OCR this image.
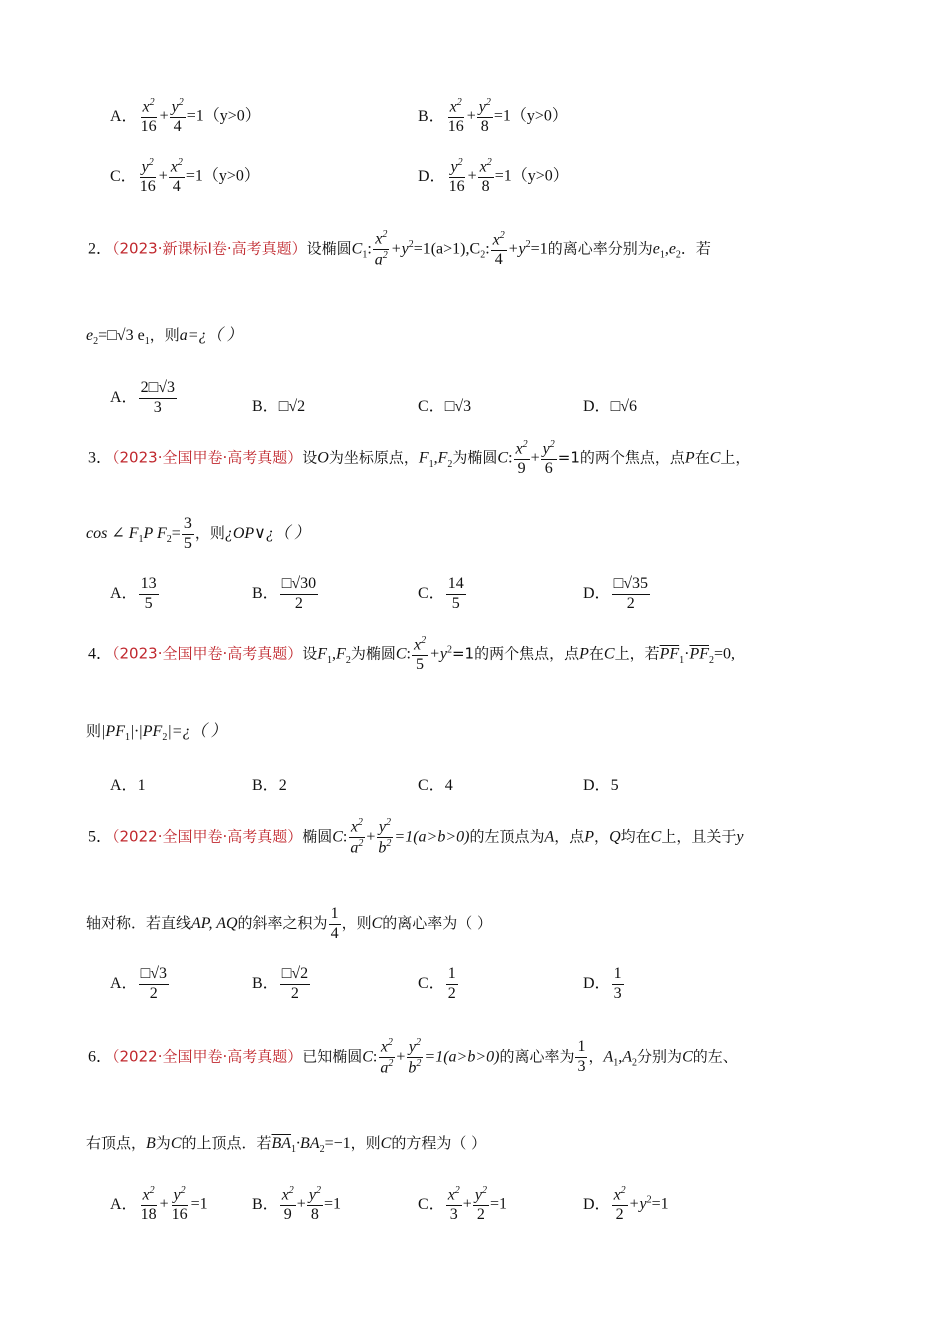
A． $\frac{x^2}{16} + \frac{y^2}{4} =1(y>0)$	B． $\frac{x^2}{16} + \frac{y^2}{8} =1(y>0)$
C． $\frac{y^2}{16} + \frac{x^2}{4} =1(y>0)$	D． $\frac{y^2}{16} + \frac{x^2}{8} =1(y>0)$
2．（2023·新课标Ⅰ卷·高考真题）设椭圆$C_1$: $\frac{x^2}{a^2} +y^2=1(a>1),C_2$: $\frac{x^2}{4} +y^2=1$的离心率分别为$e_1,e_2$．若
$e_2=□√3$ $e_1$，则a=¿（ ）
A． $\frac{2□√3}{3}$	B．□√2	C．□√3	D．□√6
3．（2023·全国甲卷·高考真题）设O为坐标原点，$F_1,F_2$为椭圆C: $\frac{x^2}{9} + \frac{y^2}{6} =1$的两个焦点，点P在C上，
cos ∠ $F_1P$ $F_2= \frac{3}{5}$ ，则¿OP∨¿（ ）
A． $\frac{13}{5}$	B． $\frac{□√30}{2}$	C． $\frac{14}{5}$	D． $\frac{□√35}{2}$
4．（2023·全国甲卷·高考真题）设$F_1,F_2$为椭圆C: $\frac{x^2}{5} +y^2=1$的两个焦点，点P在C上，若$\overline{PF}_1\cdot\overline{PF}_2=0$,
则$|PF_1|\cdot|PF_2|=¿$（ ）
A．1	B．2	C．4	D．5
5．（2022·全国甲卷·高考真题）椭圆C: $\frac{x^2}{a^2} + \frac{y^2}{b^2} =1(a>b>0)$的左顶点为A，点P，Q均在C上，且关于y
轴对称．若直线AP, AQ的斜率之积为 $\frac{1}{4}$ ，则C的离心率为（ ）
A． $\frac{□√3}{2}$	B． $\frac{□√2}{2}$	C． $\frac{1}{2}$	D． $\frac{1}{3}$
6．（2022·全国甲卷·高考真题）已知椭圆C: $\frac{x^2}{a^2} + \frac{y^2}{b^2} =1(a>b>0)$的离心率为 $\frac{1}{3}$ ，$A_1,A_2$分别为C的左、
右顶点，B为C的上顶点．若$\overline{BA}_1\cdot BA_2=-1$，则C的方程为（ ）
A． $\frac{x^2}{18} + \frac{y^2}{16} =1$	B． $\frac{x^2}{9} + \frac{y^2}{8} =1$	C． $\frac{x^2}{3} + \frac{y^2}{2} =1$	D． $\frac{x^2}{2} +y^2=1$
